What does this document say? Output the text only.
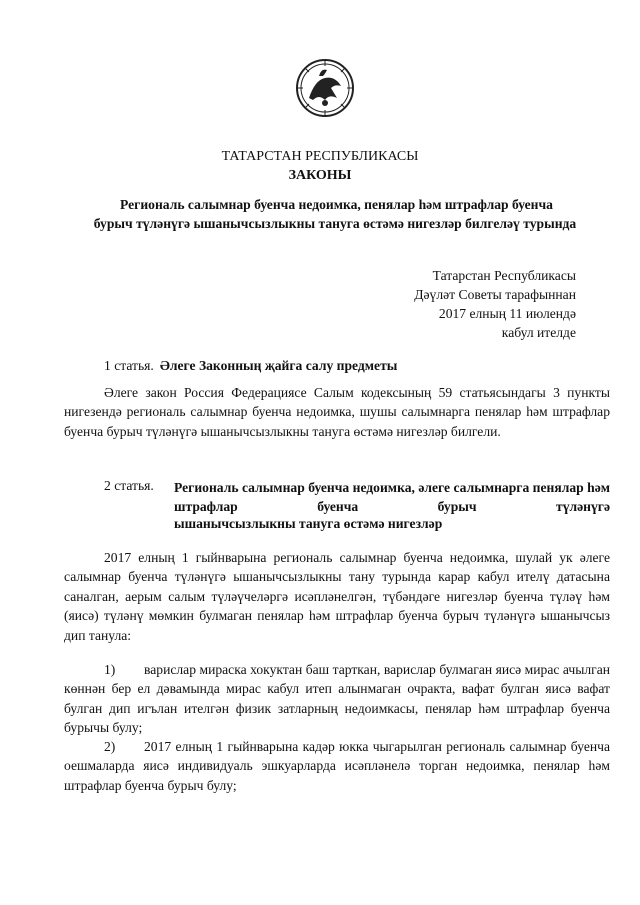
ТАТАРСТАН РЕСПУБЛИКАСЫ
ЗАКОНЫ
Региональ салымнар буенча недоимка, пенялар һәм штрафлар буенча
бурыч түләнүгә ышанычсызлыкны тануга өстәмә нигезләр билгеләү турында
Татарстан Республикасы
Дәүләт Советы тарафыннан
2017 елның 11 июлендә
кабул ителде
1 статья. Әлеге Законның җайга салу предметы
Әлеге закон Россия Федерациясе Салым кодексының 59 статьясындагы 3 пункты нигезендә региональ салымнар буенча недоимка, шушы салымнарга пенялар һәм штрафлар буенча бурыч түләнүгә ышанычсызлыкны тануга өстәмә нигезләр билгели.
2 статья. Региональ салымнар буенча недоимка, әлеге салымнарга пенялар һәм штрафлар буенча бурыч түләнүгә
ышанычсызлыкны тануга өстәмә нигезләр
2017 елның 1 гыйнварына региональ салымнар буенча недоимка, шулай ук әлеге салымнар буенча түләнүгә ышанычсызлыкны тану турында карар кабул ителү датасына саналган, аерым салым түләүчеләргә исәпләнелгән, түбәндәге нигезләр буенча түләү һәм (яисә) түләнү мөмкин булмаган пенялар һәм штрафлар буенча бурыч түләнүгә ышанычсыз дип танула:
1) варислар мираска хокуктан баш тарткан, варислар булмаган яисә мирас ачылган көннән бер ел дәвамында мирас кабул итеп алынмаган очракта, вафат булган яисә вафат булган дип игълан ителгән физик затларның недоимкасы, пенялар һәм штрафлар буенча бурычы булу;
2) 2017 елның 1 гыйнварына кадәр юкка чыгарылган региональ салымнар буенча оешмаларда яисә индивидуаль эшкуарларда исәпләнелә торган недоимка, пенялар һәм штрафлар буенча бурыч булу;
